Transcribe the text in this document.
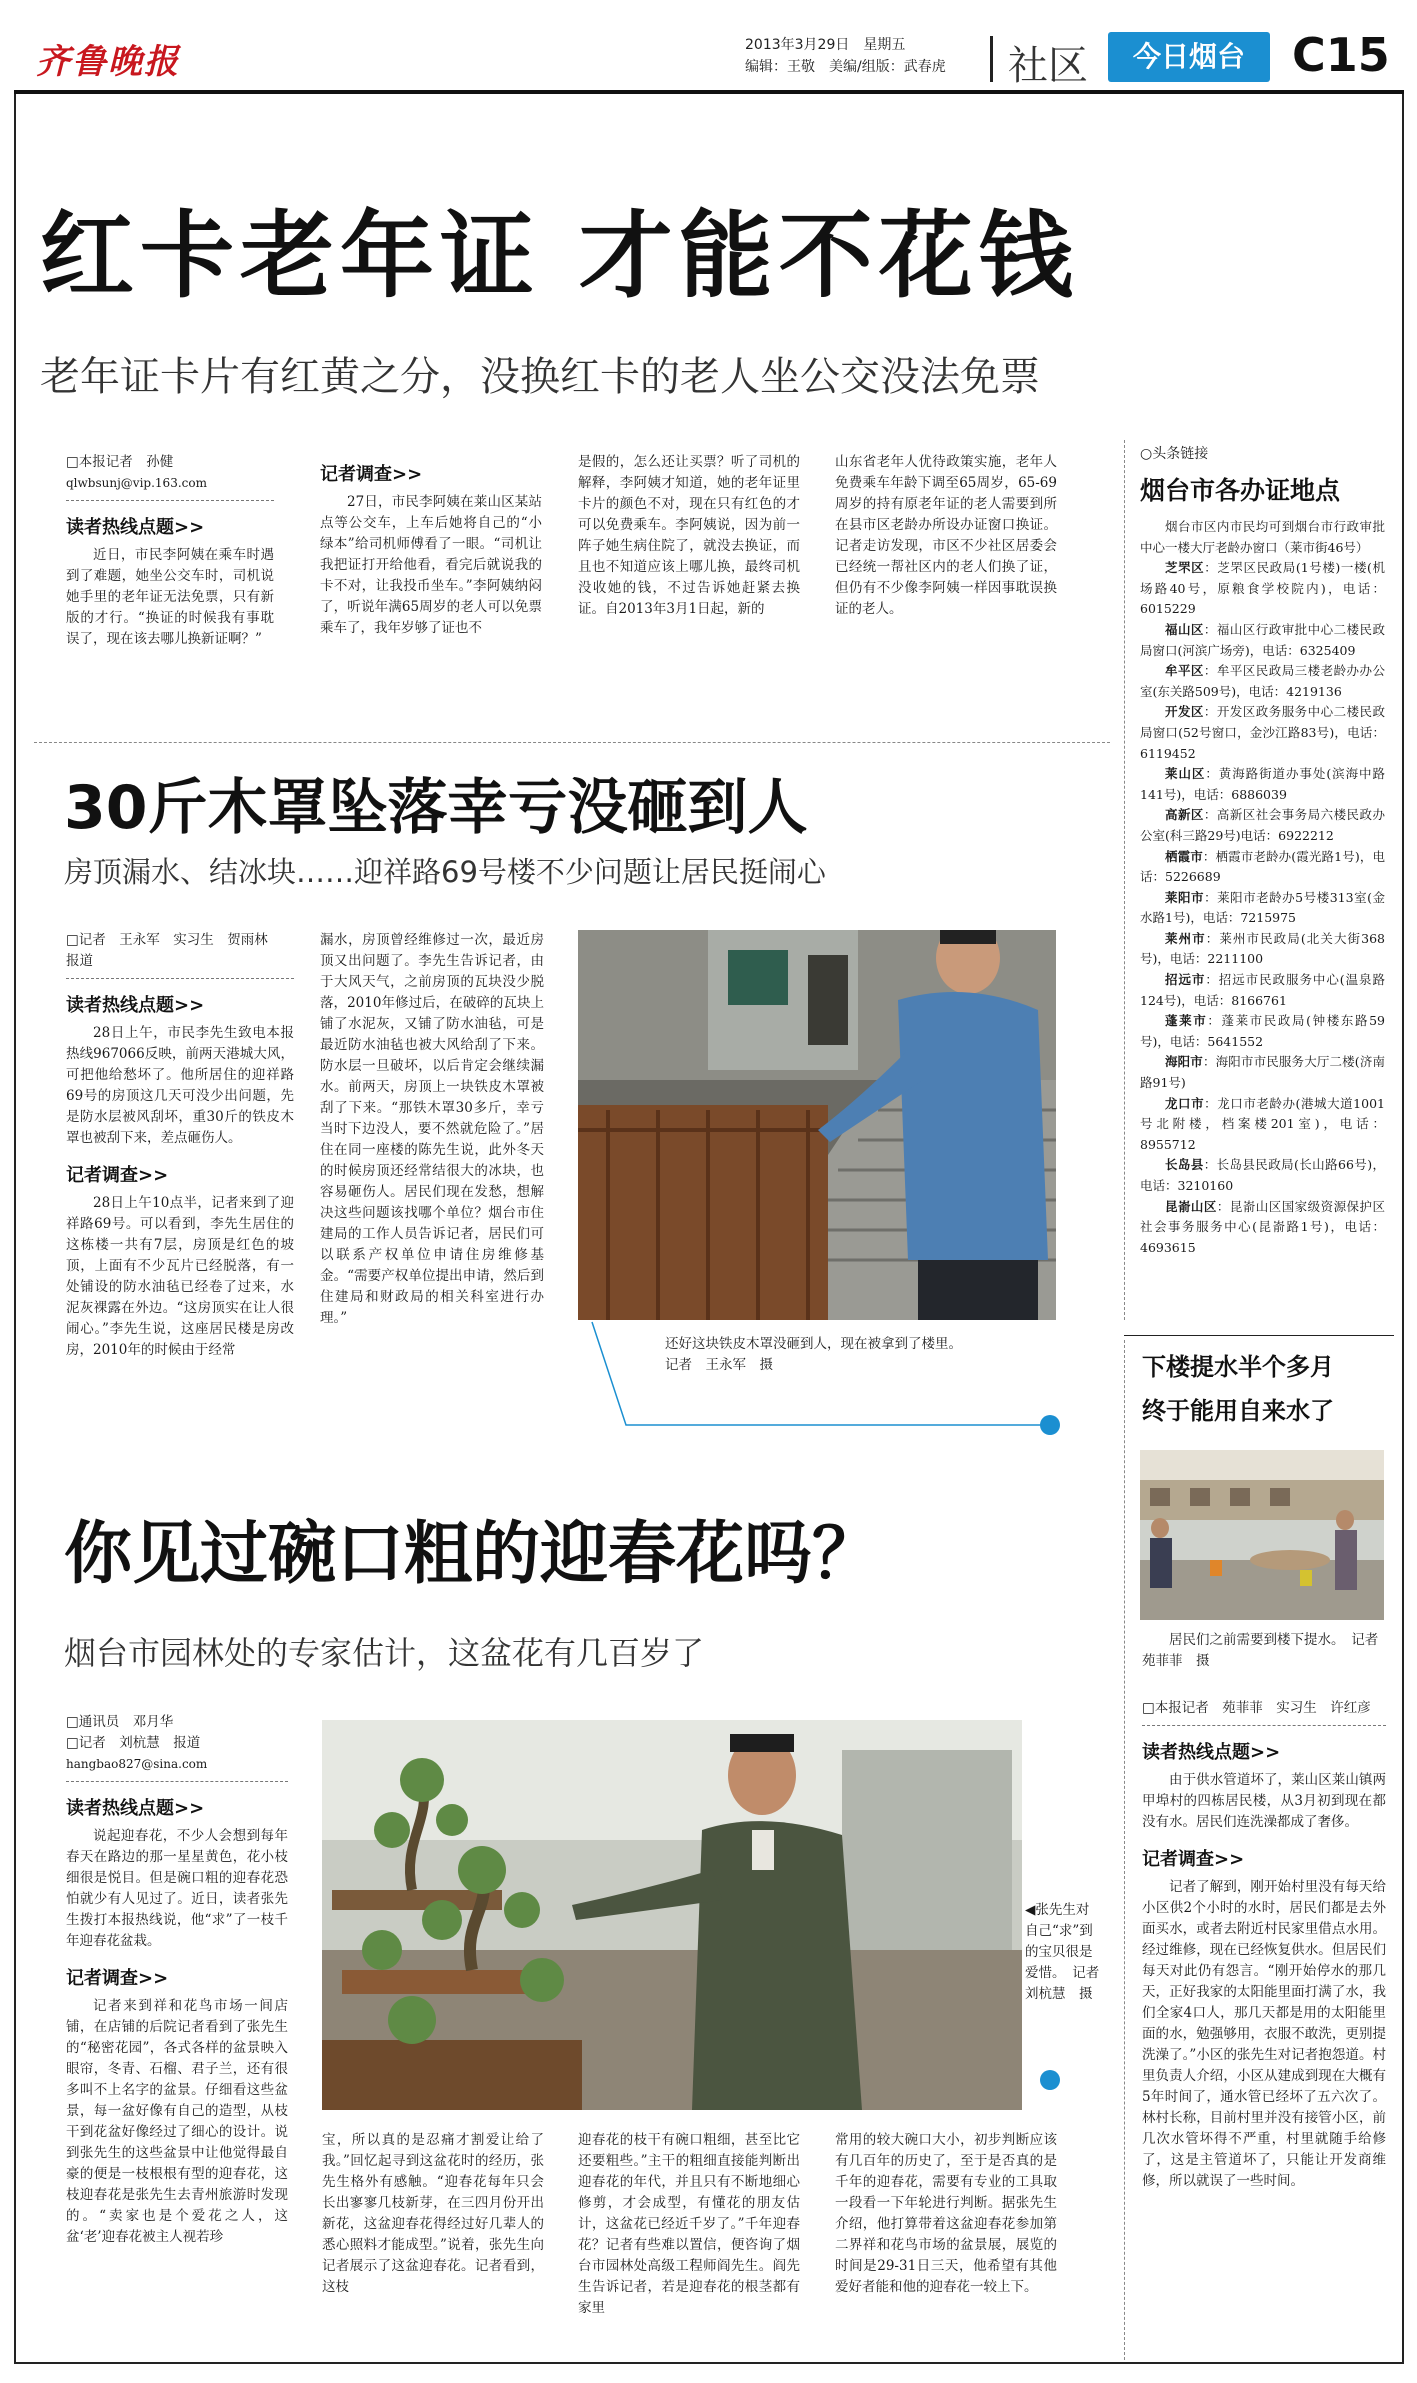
齐鲁晚报	2013年3月29日　星期五
编辑：王敬　美编/组版：武春虎 社区	今日烟台	C15
红卡老年证 才能不花钱
老年证卡片有红黄之分，没换红卡的老人坐公交没法免票
□本报记者　孙健
qlwbsunj@vip.163.com
读者热线点题>>

近日，市民李阿姨在乘车时遇到了难题，她坐公交车时，司机说她手里的老年证无法免票，只有新版的才行。“换证的时候我有事耽误了，现在该去哪儿换新证啊？”

记者调查>>

27日，市民李阿姨在莱山区某站点等公交车，上车后她将自己的“小绿本”给司机师傅看了一眼。“司机让我把证打开给他看，看完后就说我的卡不对，让我投币坐车。”李阿姨纳闷了，听说年满65周岁的老人可以免票乘车了，我年岁够了证也不

是假的，怎么还让买票？听了司机的解释，李阿姨才知道，她的老年证里卡片的颜色不对，现在只有红色的才可以免费乘车。李阿姨说，因为前一阵子她生病住院了，就没去换证，而且也不知道应该上哪儿换，最终司机没收她的钱，不过告诉她赶紧去换证。自2013年3月1日起，新的

山东省老年人优待政策实施，老年人免费乘车年龄下调至65周岁，65-69周岁的持有原老年证的老人需要到所在县市区老龄办所设办证窗口换证。记者走访发现，市区不少社区居委会已经统一帮社区内的老人们换了证，但仍有不少像李阿姨一样因事耽误换证的老人。

○头条链接
烟台市各办证地点

烟台市区内市民均可到烟台市行政审批中心一楼大厅老龄办窗口（莱市街46号）

芝罘区：芝罘区民政局(1号楼)一楼(机场路40号，原粮食学校院内)，电话：6015229

福山区：福山区行政审批中心二楼民政局窗口(河滨广场旁)，电话：6325409

牟平区：牟平区民政局三楼老龄办办公室(东关路509号)，电话：4219136

开发区：开发区政务服务中心二楼民政局窗口(52号窗口，金沙江路83号)，电话：6119452

莱山区：黄海路街道办事处(滨海中路141号)，电话：6886039

高新区：高新区社会事务局六楼民政办公室(科三路29号)电话：6922212

栖霞市：栖霞市老龄办(霞光路1号)，电话：5226689

莱阳市：莱阳市老龄办5号楼313室(金水路1号)，电话：7215975

莱州市：莱州市民政局(北关大街368号)，电话：2211100

招远市：招远市民政服务中心(温泉路124号)，电话：8166761

蓬莱市：蓬莱市民政局(钟楼东路59号)，电话：5641552

海阳市：海阳市市民服务大厅二楼(济南路91号)

龙口市：龙口市老龄办(港城大道1001号北附楼，档案楼201室)，电话：8955712

长岛县：长岛县民政局(长山路66号)，电话：3210160

昆嵛山区：昆嵛山区国家级资源保护区社会事务服务中心(昆嵛路1号)，电话：4693615

30斤木罩坠落幸亏没砸到人
房顶漏水、结冰块……迎祥路69号楼不少问题让居民挺闹心
□记者　王永军　实习生　贺雨林　报道
读者热线点题>>

28日上午，市民李先生致电本报热线967066反映，前两天港城大风，可把他给愁坏了。他所居住的迎祥路69号的房顶这几天可没少出问题，先是防水层被风刮坏，重30斤的铁皮木罩也被刮下来，差点砸伤人。

记者调查>>

28日上午10点半，记者来到了迎祥路69号。可以看到，李先生居住的这栋楼一共有7层，房顶是红色的坡顶，上面有不少瓦片已经脱落，有一处铺设的防水油毡已经卷了过来，水泥灰裸露在外边。“这房顶实在让人很闹心。”李先生说，这座居民楼是房改房，2010年的时候由于经常

漏水，房顶曾经维修过一次，最近房顶又出问题了。李先生告诉记者，由于大风天气，之前房顶的瓦块没少脱落，2010年修过后，在破碎的瓦块上铺了水泥灰，又铺了防水油毡，可是最近防水油毡也被大风给刮了下来。防水层一旦破坏，以后肯定会继续漏水。前两天，房顶上一块铁皮木罩被刮了下来。“那铁木罩30多斤，幸亏当时下边没人，要不然就危险了。”居住在同一座楼的陈先生说，此外冬天的时候房顶还经常结很大的冰块，也容易砸伤人。居民们现在发愁，想解决这些问题该找哪个单位？烟台市住建局的工作人员告诉记者，居民们可以联系产权单位申请住房维修基金。“需要产权单位提出申请，然后到住建局和财政局的相关科室进行办理。”

还好这块铁皮木罩没砸到人，现在被拿到了楼里。
记者　王永军　摄
你见过碗口粗的迎春花吗？
烟台市园林处的专家估计，这盆花有几百岁了
□通讯员　邓月华
□记者　刘杭慧　报道
hangbao827@sina.com
读者热线点题>>

说起迎春花，不少人会想到每年春天在路边的那一星星黄色，花小枝细很是悦目。但是碗口粗的迎春花恐怕就少有人见过了。近日，读者张先生拨打本报热线说，他“求”了一枝千年迎春花盆栽。

记者调查>>

记者来到祥和花鸟市场一间店铺，在店铺的后院记者看到了张先生的“秘密花园”，各式各样的盆景映入眼帘，冬青、石榴、君子兰，还有很多叫不上名字的盆景。仔细看这些盆景，每一盆好像有自己的造型，从枝干到花盆好像经过了细心的设计。说到张先生的这些盆景中让他觉得最自豪的便是一枝根根有型的迎春花，这枝迎春花是张先生去青州旅游时发现的。“卖家也是个爱花之人，这盆‘老’迎春花被主人视若珍

◀张先生对自己“求”到的宝贝很是爱惜。　记者　刘杭慧　摄

宝，所以真的是忍痛才割爱让给了我。”回忆起寻到这盆花时的经历，张先生格外有感触。“迎春花每年只会长出寥寥几枝新芽，在三四月份开出新花，这盆迎春花得经过好几辈人的悉心照料才能成型。”说着，张先生向记者展示了这盆迎春花。记者看到，这枝

迎春花的枝干有碗口粗细，甚至比它还要粗些。”主干的粗细直接能判断出迎春花的年代，并且只有不断地细心修剪，才会成型，有懂花的朋友估计，这盆花已经近千岁了。”千年迎春花？记者有些难以置信，便咨询了烟台市园林处高级工程师阎先生。阎先生告诉记者，若是迎春花的根茎都有家里

常用的较大碗口大小，初步判断应该有几百年的历史了，至于是否真的是千年的迎春花，需要有专业的工具取一段看一下年轮进行判断。据张先生介绍，他打算带着这盆迎春花参加第二界祥和花鸟市场的盆景展，展览的时间是29-31日三天，他希望有其他爱好者能和他的迎春花一较上下。

下楼提水半个多月
终于能用自来水了

居民们之前需要到楼下提水。　记者　苑菲菲　摄

□本报记者　苑菲菲　实习生　许红彦
读者热线点题>>

由于供水管道坏了，莱山区莱山镇两甲埠村的四栋居民楼，从3月初到现在都没有水。居民们连洗澡都成了奢侈。

记者调查>>

记者了解到，刚开始村里没有每天给小区供2个小时的水时，居民们都是去外面买水，或者去附近村民家里借点水用。经过维修，现在已经恢复供水。但居民们每天对此仍有怨言。“刚开始停水的那几天，正好我家的太阳能里面打满了水，我们全家4口人，那几天都是用的太阳能里面的水，勉强够用，衣服不敢洗，更别提洗澡了。”小区的张先生对记者抱怨道。村里负责人介绍，小区从建成到现在大概有5年时间了，通水管已经坏了五六次了。林村长称，目前村里并没有接管小区，前几次水管坏得不严重，村里就随手给修了，这是主管道坏了，只能让开发商维修，所以就误了一些时间。
